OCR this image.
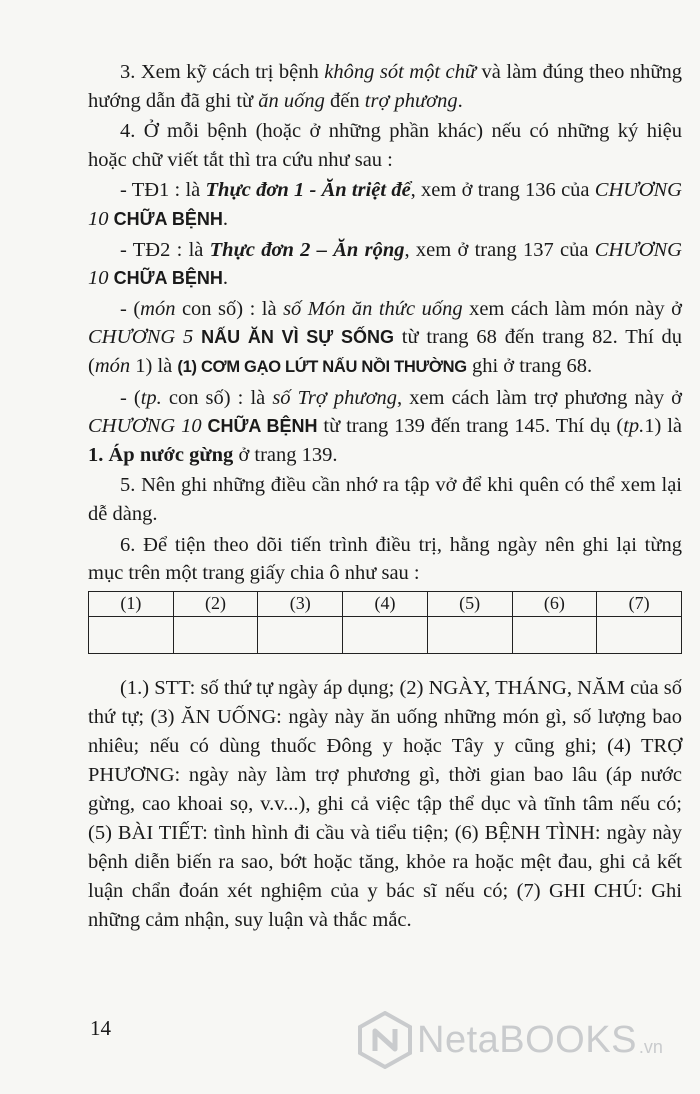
3. Xem kỹ cách trị bệnh không sót một chữ và làm đúng theo những hướng dẫn đã ghi từ ăn uống đến trợ phương.

4. Ở mỗi bệnh (hoặc ở những phần khác) nếu có những ký hiệu hoặc chữ viết tắt thì tra cứu như sau :

- TĐ1 : là Thực đơn 1 - Ăn triệt để, xem ở trang 136 của CHƯƠNG 10 CHỮA BỆNH.

- TĐ2 : là Thực đơn 2 – Ăn rộng, xem ở trang 137 của CHƯƠNG 10 CHỮA BỆNH.

- (món con số) : là số Món ăn thức uống xem cách làm món này ở CHƯƠNG 5 NẤU ĂN VÌ SỰ SỐNG từ trang 68 đến trang 82. Thí dụ (món 1) là (1) CƠM GẠO LỨT NẤU NỒI THƯỜNG ghi ở trang 68.

- (tp. con số) : là số Trợ phương, xem cách làm trợ phương này ở CHƯƠNG 10 CHỮA BỆNH từ trang 139 đến trang 145. Thí dụ (tp.1) là 1. Áp nước gừng ở trang 139.

5. Nên ghi những điều cần nhớ ra tập vở để khi quên có thể xem lại dễ dàng.

6. Để tiện theo dõi tiến trình điều trị, hằng ngày nên ghi lại từng mục trên một trang giấy chia ô như sau :

(1)	(2)	(3)	(4)	(5)	(6)	(7)

(1.) STT: số thứ tự ngày áp dụng; (2) NGÀY, THÁNG, NĂM của số thứ tự; (3) ĂN UỐNG: ngày này ăn uống những món gì, số lượng bao nhiêu; nếu có dùng thuốc Đông y hoặc Tây y cũng ghi; (4) TRỢ PHƯƠNG: ngày này làm trợ phương gì, thời gian bao lâu (áp nước gừng, cao khoai sọ, v.v...), ghi cả việc tập thể dục và tĩnh tâm nếu có; (5) BÀI TIẾT: tình hình đi cầu và tiểu tiện; (6) BỆNH TÌNH: ngày này bệnh diễn biến ra sao, bớt hoặc tăng, khỏe ra hoặc mệt đau, ghi cả kết luận chẩn đoán xét nghiệm của y bác sĩ nếu có; (7) GHI CHÚ: Ghi những cảm nhận, suy luận và thắc mắc.

14	NetaBOOKS .vn
